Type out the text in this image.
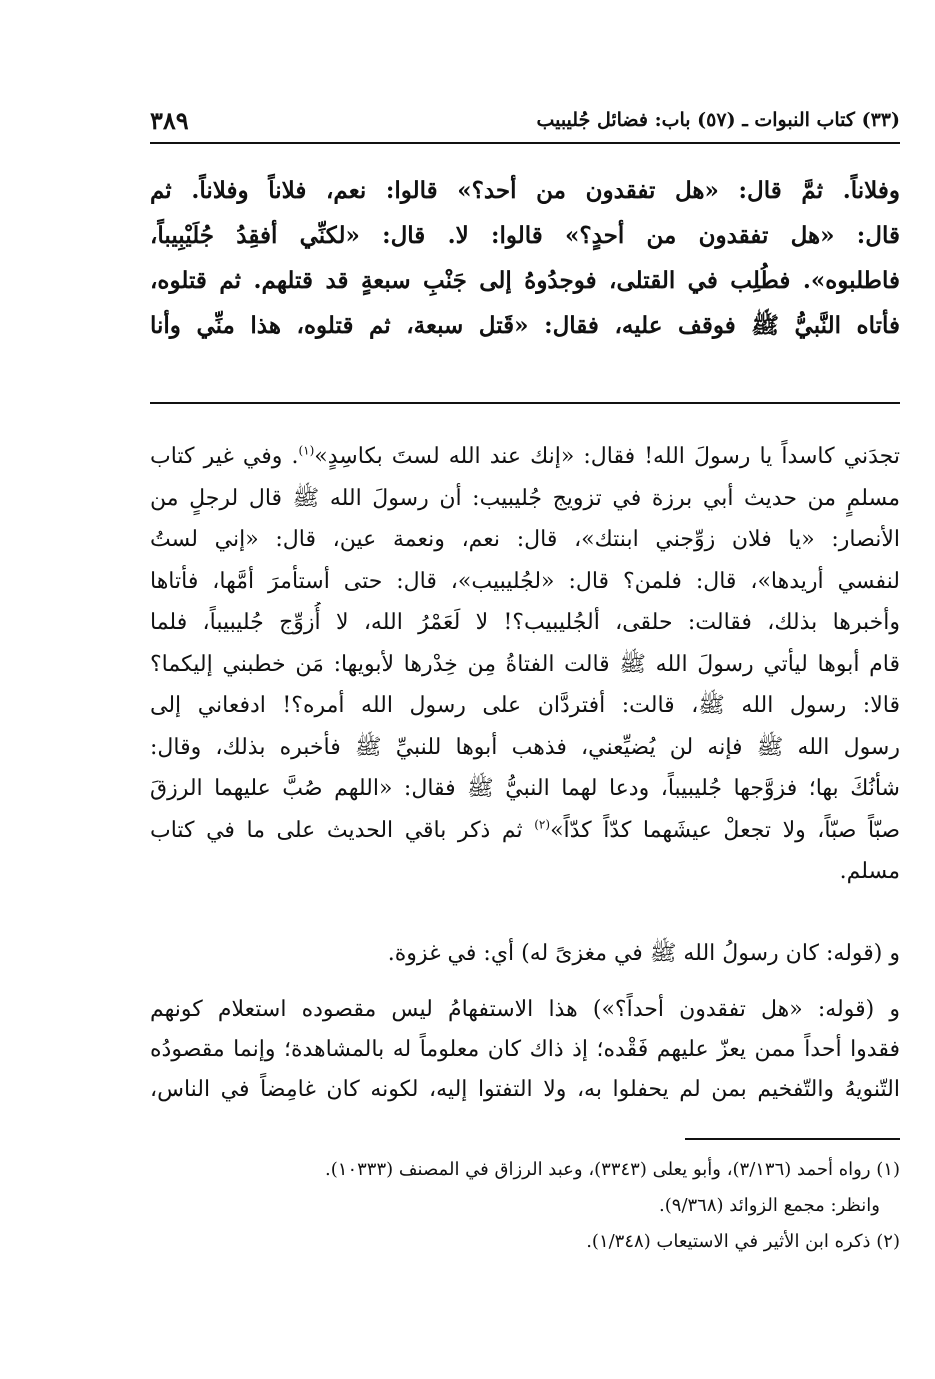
(٣٣) كتاب النبوات ـ (٥٧) باب: فضائل جُليبيب
٣٨٩
وفلاناً. ثمَّ قال: «هل تفقدون من أحد؟» قالوا: نعم، فلاناً وفلاناً. ثم
قال: «هل تفقدون من أحدٍ؟» قالوا: لا. قال: «لكنِّي أفقِدُ جُلَيْبِيباً،
فاطلبوه». فطُلِب في القتلى، فوجدُوهُ إلى جَنْبِ سبعةٍ قد قتلهم. ثم قتلوه،
فأتاه النَّبيُّ ﷺ فوقف عليه، فقال: «قَتل سبعة، ثم قتلوه، هذا منِّي وأنا
تجدَني كاسداً يا رسولَ الله! فقال: «إنك عند الله لستَ بكاسِدٍ»$^{(١)}$. وفي غير كتاب
مسلمٍ من حديث أبي برزة في تزويج جُليبيب: أن رسولَ الله ﷺ قال لرجلٍ من
الأنصار: «يا فلان زوِّجني ابنتك»، قال: نعم، ونعمة عين، قال: «إني لستُ
لنفسي أريدها»، قال: فلمن؟ قال: «لجُليبيب»، قال: حتى أستأمرَ أمَّها، فأتاها
وأخبرها بذلك، فقالت: حلقى، ألجُليبيب؟! لا لَعَمْرُ الله، لا أُزوِّج جُليبيباً، فلما
قام أبوها ليأتي رسولَ الله ﷺ قالت الفتاةُ مِن خِدْرها لأبويها: مَن خطبني إليكما؟
قالا: رسول الله ﷺ، قالت: أفتردَّان على رسول الله أمره؟! ادفعاني إلى
رسول الله ﷺ فإنه لن يُضيِّعني، فذهب أبوها للنبيِّ ﷺ فأخبره بذلك، وقال:
شأنُكَ بها؛ فزوَّجها جُليبيباً، ودعا لهما النبيُّ ﷺ فقال: «اللهم صُبَّ عليهما الرزقَ
صبّاً صبّاً، ولا تجعلْ عيشَهما كدّاً كدّاً»$^{(٢)}$ ثم ذكر باقي الحديث على ما في كتاب
مسلم.
و (قوله: كان رسولُ الله ﷺ في مغزىً له) أي: في غزوة.
و (قوله: «هل تفقدون أحداً؟») هذا الاستفهامُ ليس مقصوده استعلام كونهم
فقدوا أحداً ممن يعزّ عليهم فَقْده؛ إذ ذاك كان معلوماً له بالمشاهدة؛ وإنما مقصودُه
التّنويهُ والتّفخيم بمن لم يحفلوا به، ولا التفتوا إليه، لكونه كان غامِضاً في الناس،
(١) رواه أحمد (٣/١٣٦)، وأبو يعلى (٣٣٤٣)، وعبد الرزاق في المصنف (١٠٣٣٣).
وانظر: مجمع الزوائد (٩/٣٦٨).
(٢) ذكره ابن الأثير في الاستيعاب (١/٣٤٨).
